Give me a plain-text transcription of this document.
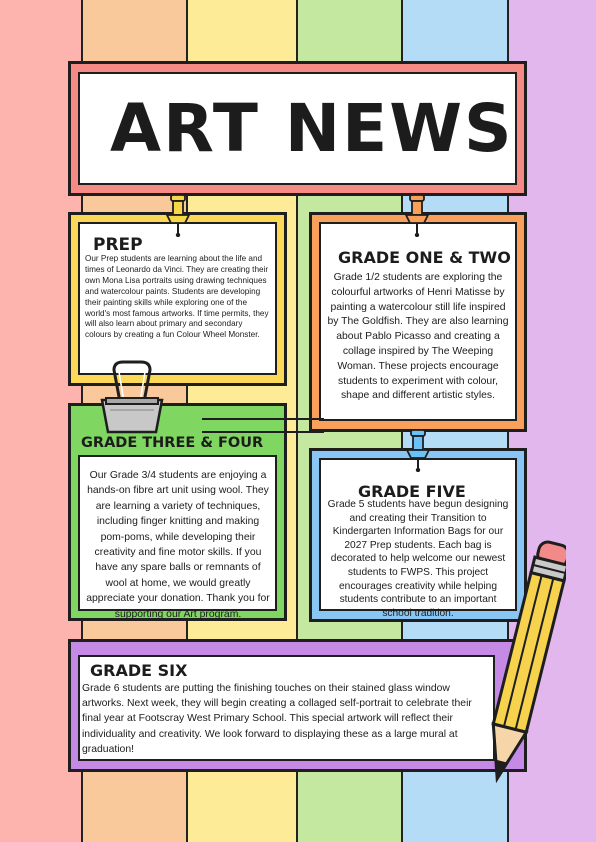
ART NEWS
PREP

Our Prep students are learning about the life and times of Leonardo da Vinci. They are creating their own Mona Lisa portraits using drawing techniques and watercolour paints. Students are developing their painting skills while exploring one of the world's most famous artworks. If time permits, they will also learn about primary and secondary colours by creating a fun Colour Wheel Monster.

GRADE ONE & TWO

Grade 1/2 students are exploring the colourful artworks of Henri Matisse by painting a watercolour still life inspired by The Goldfish. They are also learning about Pablo Picasso and creating a collage inspired by The Weeping Woman. These projects encourage students to experiment with colour, shape and different artistic styles.

GRADE THREE & FOUR

Our Grade 3/4 students are enjoying a hands-on fibre art unit using wool. They are learning a variety of techniques, including finger knitting and making pom-poms, while developing their creativity and fine motor skills. If you have any spare balls or remnants of wool at home, we would greatly appreciate your donation. Thank you for supporting our Art program.

GRADE FIVE

Grade 5 students have begun designing and creating their Transition to Kindergarten Information Bags for our 2027 Prep students. Each bag is decorated to help welcome our newest students to FWPS. This project encourages creativity while helping students contribute to an important school tradition.

GRADE SIX

Grade 6 students are putting the finishing touches on their stained glass window artworks. Next week, they will begin creating a collaged self-portrait to celebrate their final year at Footscray West Primary School. This special artwork will reflect their individuality and creativity. We look forward to displaying these as a large mural at graduation!
